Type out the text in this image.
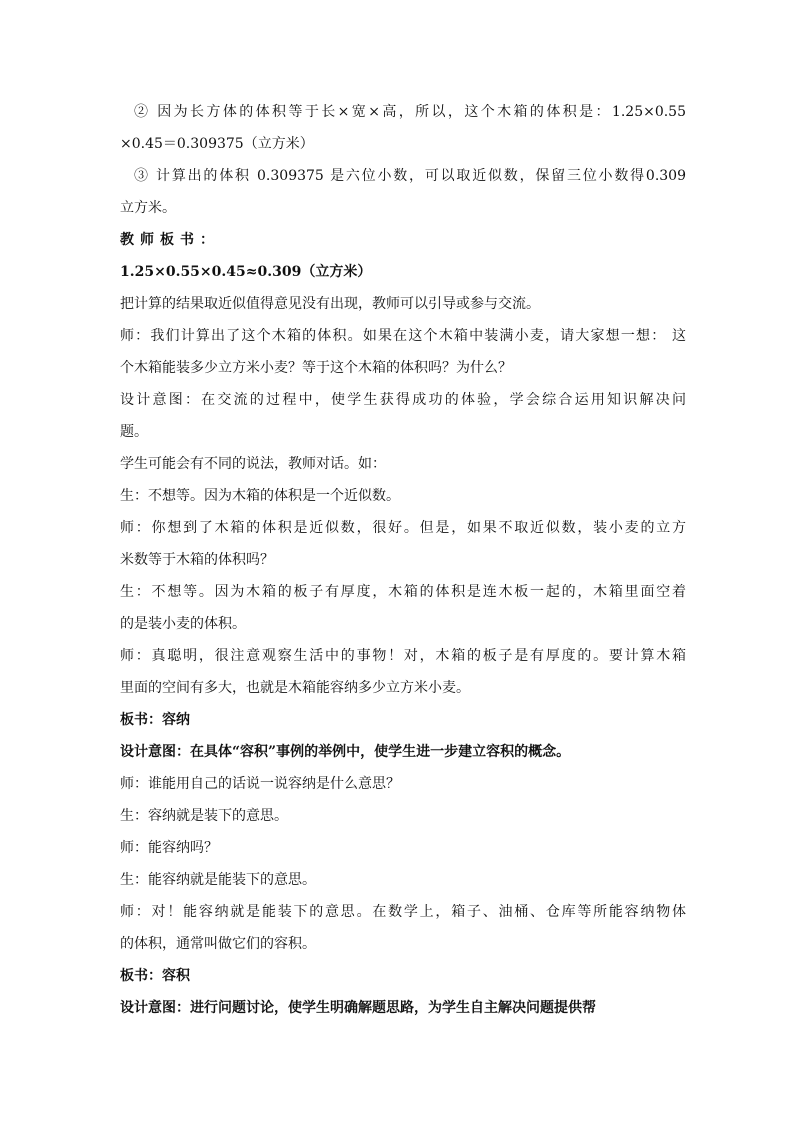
② 因为长方体的体积等于长×宽×高，所以，这个木箱的体积是：1.25×0.55

×0.45＝0.309375（立方米）

③ 计算出的体积 0.309375 是六位小数，可以取近似数，保留三位小数得0.309

立方米。

教师板书：

1.25×0.55×0.45≈0.309（立方米）

把计算的结果取近似值得意见没有出现，教师可以引导或参与交流。

师：我们计算出了这个木箱的体积。如果在这个木箱中装满小麦，请大家想一想： 这

个木箱能装多少立方米小麦？等于这个木箱的体积吗？为什么？

设计意图：在交流的过程中，使学生获得成功的体验，学会综合运用知识解决问

题。

学生可能会有不同的说法，教师对话。如：

生：不想等。因为木箱的体积是一个近似数。

师：你想到了木箱的体积是近似数，很好。但是，如果不取近似数，装小麦的立方

米数等于木箱的体积吗？

生：不想等。因为木箱的板子有厚度，木箱的体积是连木板一起的，木箱里面空着

的是装小麦的体积。

师：真聪明，很注意观察生活中的事物！对，木箱的板子是有厚度的。要计算木箱

里面的空间有多大，也就是木箱能容纳多少立方米小麦。

板书：容纳

设计意图：在具体“容积”事例的举例中，使学生进一步建立容积的概念。

师：谁能用自己的话说一说容纳是什么意思？

生：容纳就是装下的意思。

师：能容纳吗？

生：能容纳就是能装下的意思。

师：对！能容纳就是能装下的意思。在数学上，箱子、油桶、仓库等所能容纳物体

的体积，通常叫做它们的容积。

板书：容积

设计意图：进行问题讨论，使学生明确解题思路，为学生自主解决问题提供帮
